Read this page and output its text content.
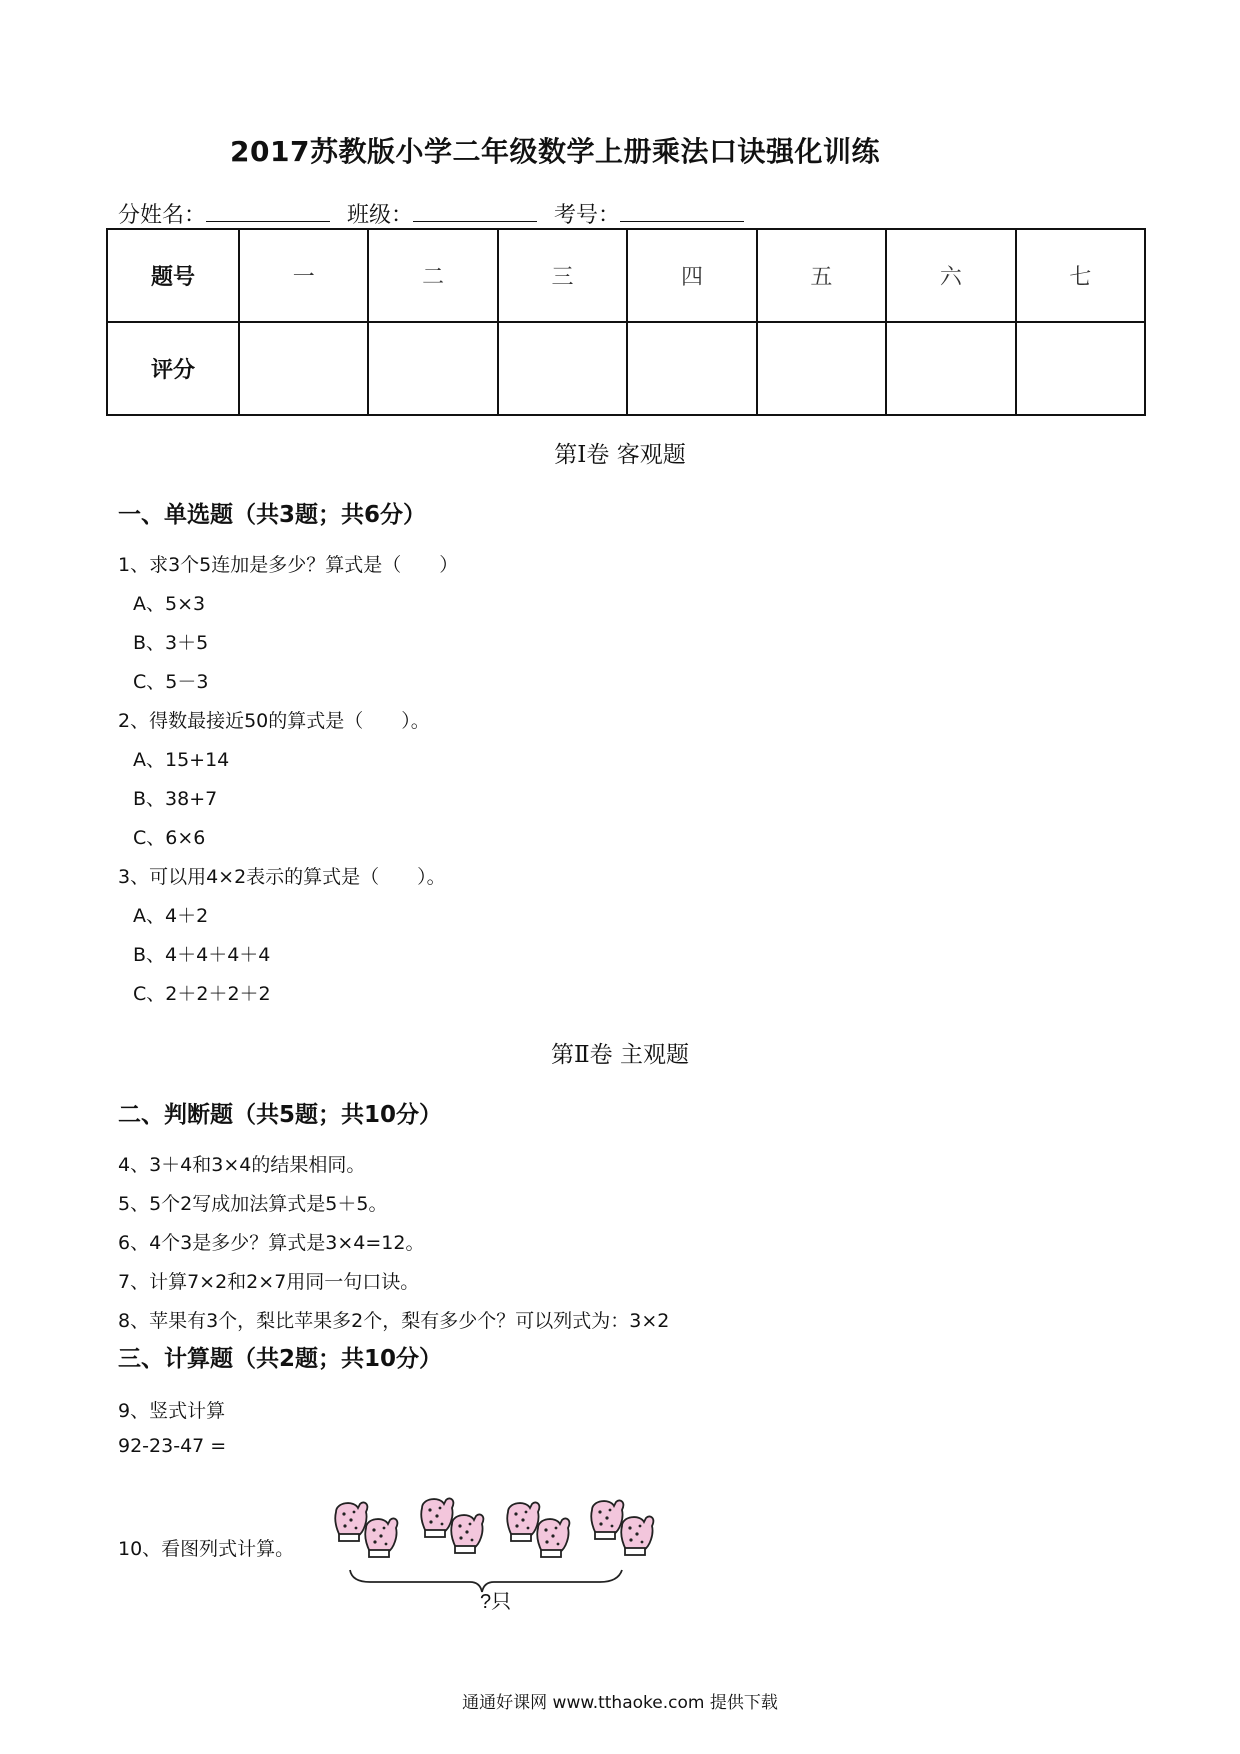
2017苏教版小学二年级数学上册乘法口诀强化训练
分姓名：	班级：	考号：
题号	一	二	三	四	五	六	七
评分							
第Ⅰ卷 客观题
一、单选题（共3题；共6分）
1、求3个5连加是多少？算式是（　　）
A、5×3
B、3＋5
C、5－3
2、得数最接近50的算式是（　　）。
A、15+14
B、38+7
C、6×6
3、可以用4×2表示的算式是（　　）。
A、4＋2
B、4＋4＋4＋4
C、2＋2＋2＋2
第Ⅱ卷 主观题
二、判断题（共5题；共10分）
4、3＋4和3×4的结果相同。
5、5个2写成加法算式是5＋5。
6、4个3是多少？算式是3×4=12。
7、计算7×2和2×7用同一句口诀。
8、苹果有3个，梨比苹果多2个，梨有多少个？可以列式为：3×2
三、计算题（共2题；共10分）
9、竖式计算
92-23-47 =
10、看图列式计算。
?只
通通好课网 www.tthaoke.com 提供下载
